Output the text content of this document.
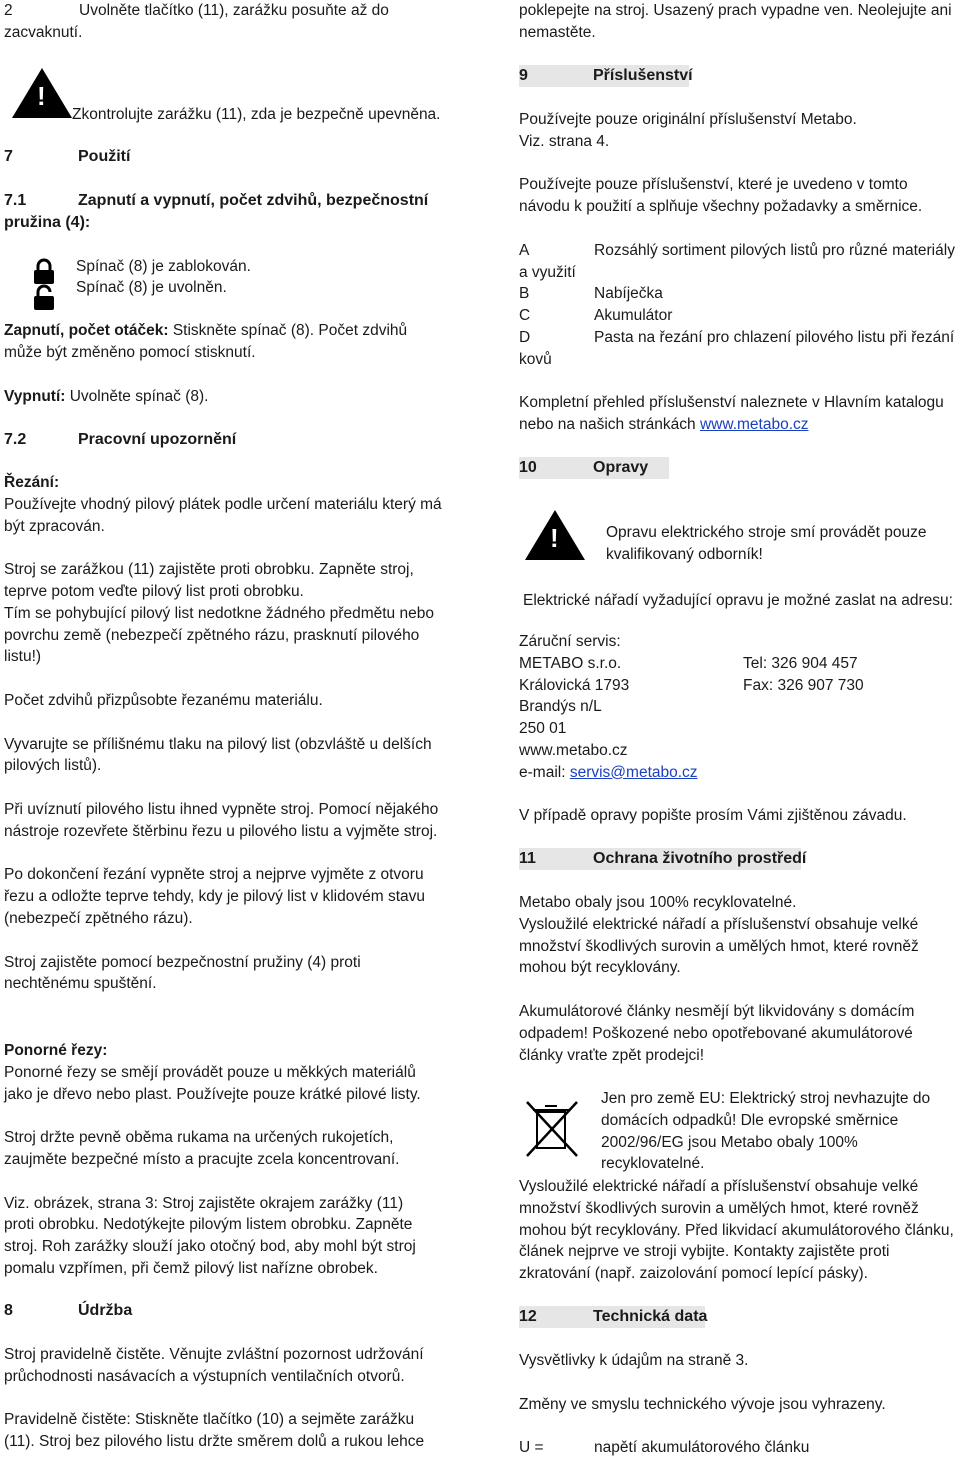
2	Uvolněte tlačítko (11), zarážku posuňte až do

zacvaknutí.

!

Zkontrolujte zarážku (11), zda je bezpečně upevněna.

7	Použití
7.1	Zapnutí a vypnutí, počet zdvihů, bezpečnostní

pružina (4):

Spínač (8) je zablokován.

Spínač (8) je uvolněn.

Zapnutí, počet otáček: Stiskněte spínač (8). Počet zdvihů

může být změněno pomocí stisknutí.

Vypnutí: Uvolněte spínač (8).

7.2	Pracovní upozornění

Řezání:

Používejte vhodný pilový plátek podle určení materiálu který má

být zpracován.

Stroj se zarážkou (11) zajistěte proti obrobku. Zapněte stroj,

teprve potom veďte pilový list proti obrobku.

Tím se pohybující pilový list nedotkne žádného předmětu nebo

povrchu země (nebezpečí zpětného rázu, prasknutí pilového

listu!)

Počet zdvihů přizpůsobte řezanému materiálu.

Vyvarujte se přílišnému tlaku na pilový list (obzvláště u delších

pilových listů).

Při uvíznutí pilového listu ihned vypněte stroj. Pomocí nějakého

nástroje rozevřete štěrbinu řezu u pilového listu a vyjměte stroj.

Po dokončení řezání vypněte stroj a nejprve vyjměte z otvoru

řezu a odložte teprve tehdy, kdy je pilový list v klidovém stavu

(nebezpečí zpětného rázu).

Stroj zajistěte pomocí bezpečnostní pružiny (4) proti

nechtěnému spuštění.

Ponorné řezy:

Ponorné řezy se smějí provádět pouze u měkkých materiálů

jako je dřevo nebo plast. Používejte pouze krátké pilové listy.

Stroj držte pevně oběma rukama na určených rukojetích,

zaujměte bezpečné místo a pracujte zcela koncentrovaní.

Viz. obrázek, strana 3: Stroj zajistěte okrajem zarážky (11)

proti obrobku. Nedotýkejte pilovým listem obrobku. Zapněte

stroj. Roh zarážky slouží jako otočný bod, aby mohl být stroj

pomalu vzpřímen, při čemž pilový list nařízne obrobek.

8	Údržba

Stroj pravidelně čistěte. Věnujte zvláštní pozornost udržování

průchodnosti nasávacích a výstupních ventilačních otvorů.

Pravidelně čistěte: Stiskněte tlačítko (10) a sejměte zarážku

(11). Stroj bez pilového listu držte směrem dolů a rukou lehce

poklepejte na stroj. Usazený prach vypadne ven. Neolejujte ani

nemastěte.

9	Příslušenství

Používejte pouze originální příslušenství Metabo.

Viz. strana 4.

Používejte pouze příslušenství, které je uvedeno v tomto

návodu k použití a splňuje všechny požadavky a směrnice.

A	Rozsáhlý sortiment pilových listů pro různé materiály

a využití

B	Nabíječka
C	Akumulátor
D	Pasta na řezání pro chlazení pilového listu při řezání

kovů

Kompletní přehled příslušenství naleznete v Hlavním katalogu

nebo na našich stránkách www.metabo.cz

10	Opravy
!	Opravu elektrického stroje smí provádět pouze

kvalifikovaný odborník!

Elektrické nářadí vyžadující opravu je možné zaslat na adresu:

Záruční servis:

METABO s.r.o.	Tel: 326 904 457
Královická 1793	Fax: 326 907 730

Brandýs n/L

250 01

www.metabo.cz

e-mail: servis@metabo.cz

V případě opravy popište prosím Vámi zjištěnou závadu.

11	Ochrana životního prostředí

Metabo obaly jsou 100% recyklovatelné.

Vysloužilé elektrické nářadí a příslušenství obsahuje velké

množství škodlivých surovin a umělých hmot, které rovněž

mohou být recyklovány.

Akumulátorové články nesmějí být likvidovány s domácím

odpadem! Poškozené nebo opotřebované akumulátorové

články vraťte zpět prodejci!

Jen pro země EU: Elektrický stroj nevhazujte do

domácích odpadků! Dle evropské směrnice

2002/96/EG jsou Metabo obaly 100%

recyklovatelné.

Vysloužilé elektrické nářadí a příslušenství obsahuje velké

množství škodlivých surovin a umělých hmot, které rovněž

mohou být recyklovány. Před likvidací akumulátorového článku,

článek nejprve ve stroji vybijte. Kontakty zajistěte proti

zkratování (např. zaizolování pomocí lepící pásky).

12	Technická data

Vysvětlivky k údajům na straně 3.

Změny ve smyslu technického vývoje jsou vyhrazeny.

U =	napětí akumulátorového článku
